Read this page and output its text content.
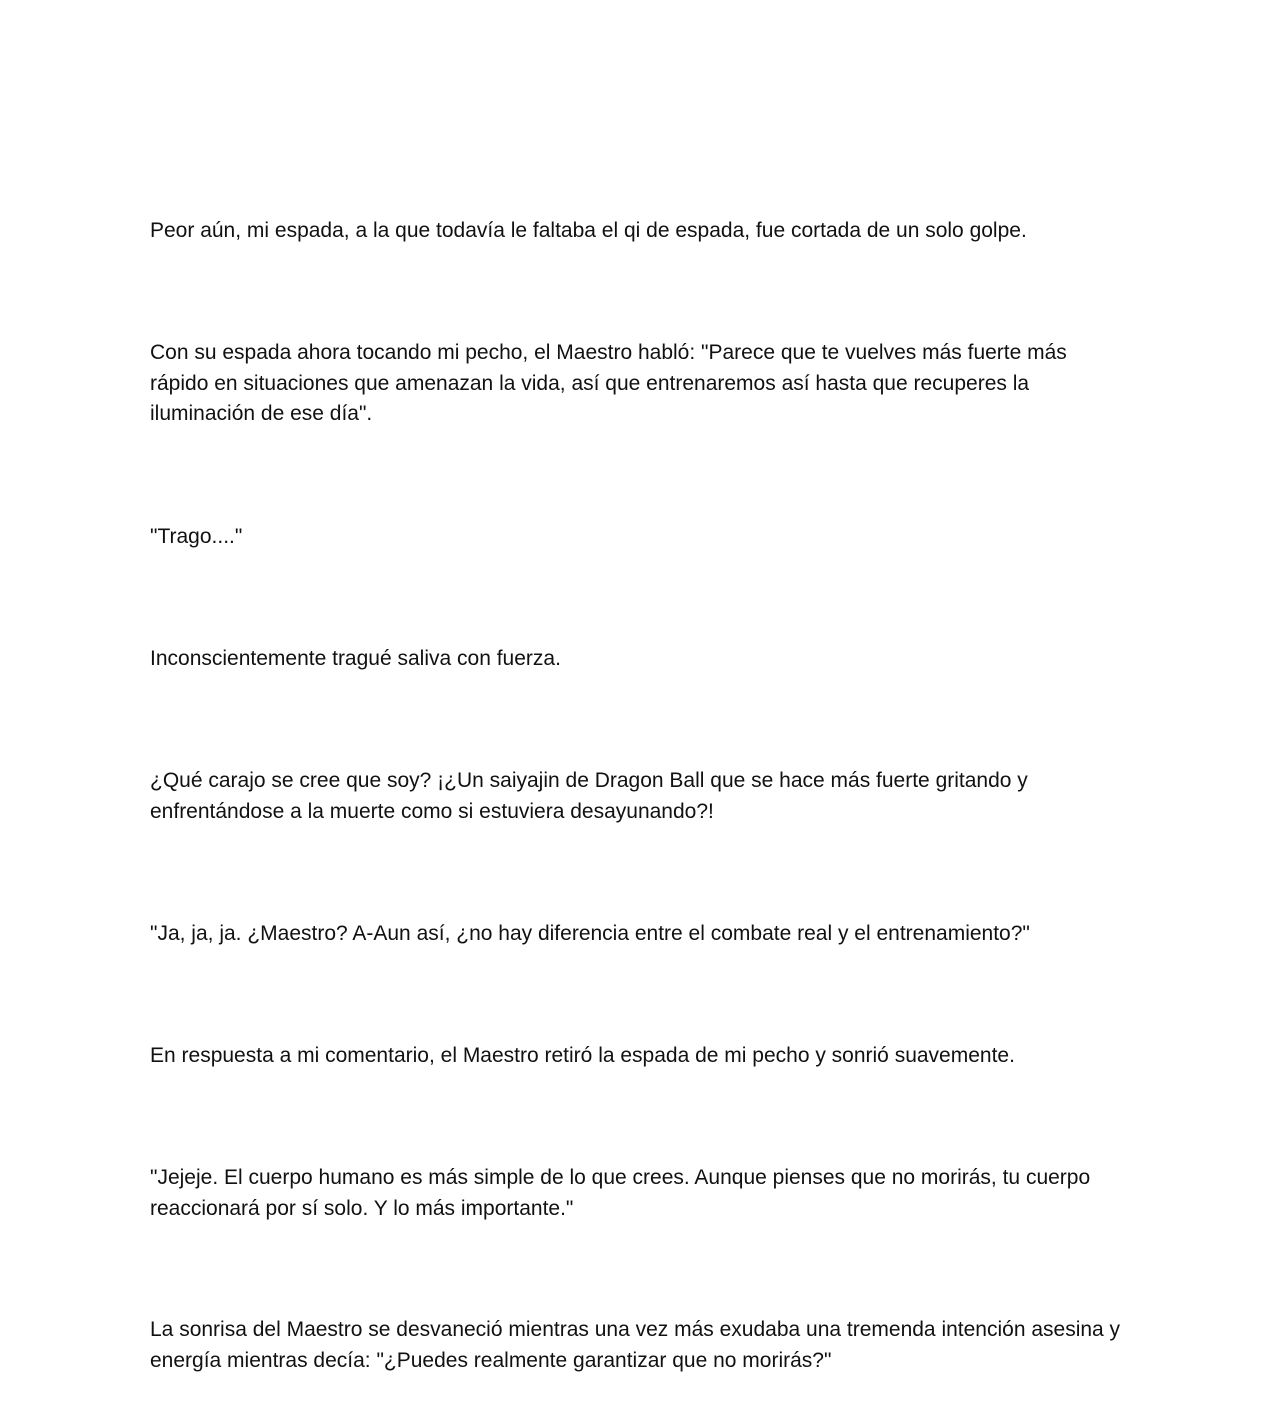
Peor aún, mi espada, a la que todavía le faltaba el qi de espada, fue cortada de un solo golpe.

Con su espada ahora tocando mi pecho, el Maestro habló: "Parece que te vuelves más fuerte más rápido en situaciones que amenazan la vida, así que entrenaremos así hasta que recuperes la iluminación de ese día".

"Trago...."

Inconscientemente tragué saliva con fuerza.

¿Qué carajo se cree que soy? ¡¿Un saiyajin de Dragon Ball que se hace más fuerte gritando y enfrentándose a la muerte como si estuviera desayunando?!

"Ja, ja, ja. ¿Maestro? A-Aun así, ¿no hay diferencia entre el combate real y el entrenamiento?"

En respuesta a mi comentario, el Maestro retiró la espada de mi pecho y sonrió suavemente.

"Jejeje. El cuerpo humano es más simple de lo que crees. Aunque pienses que no morirás, tu cuerpo reaccionará por sí solo. Y lo más importante."

La sonrisa del Maestro se desvaneció mientras una vez más exudaba una tremenda intención asesina y energía mientras decía: "¿Puedes realmente garantizar que no morirás?"
